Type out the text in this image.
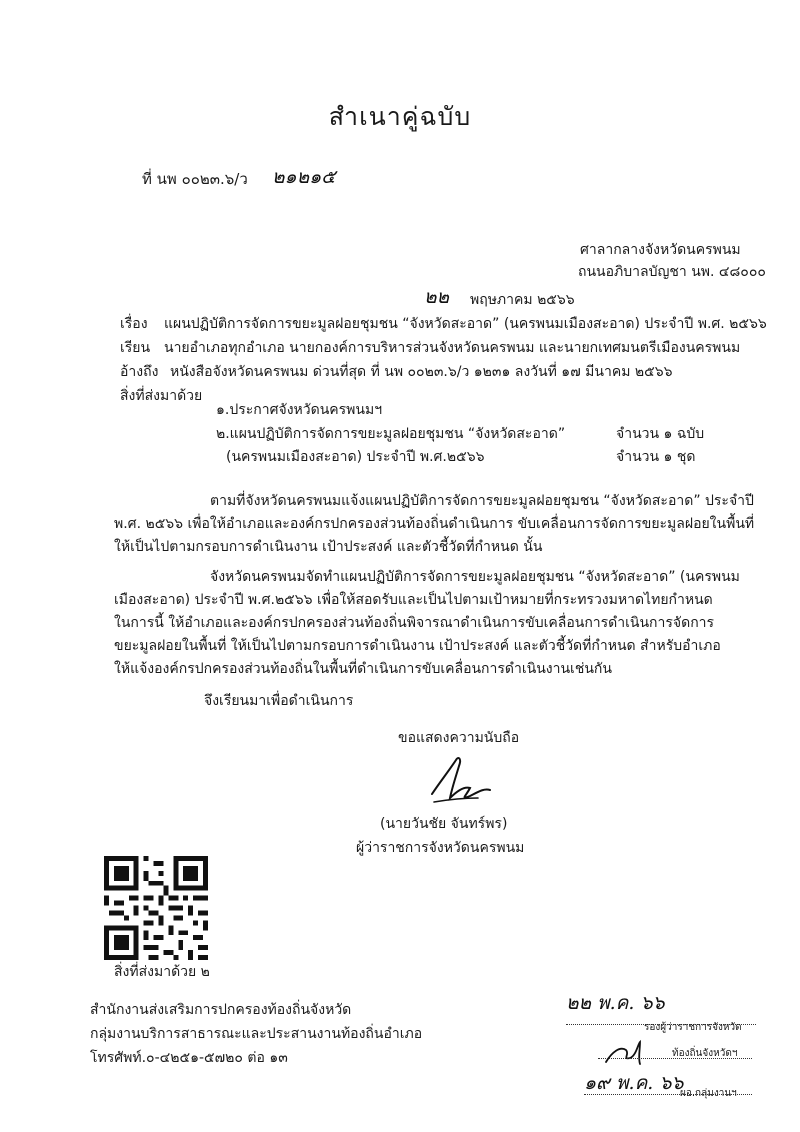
สำเนาคู่ฉบับ
ที่ นพ ๐๐๒๓.๖/ว ๒๑๒๑๕
ศาลากลางจังหวัดนครพนม
ถนนอภิบาลบัญชา นพ. ๔๘๐๐๐
๒๒ พฤษภาคม ๒๕๖๖
เรื่อง แผนปฏิบัติการจัดการขยะมูลฝอยชุมชน “จังหวัดสะอาด” (นครพนมเมืองสะอาด) ประจำปี พ.ศ. ๒๕๖๖
เรียน นายอำเภอทุกอำเภอ นายกองค์การบริหารส่วนจังหวัดนครพนม และนายกเทศมนตรีเมืองนครพนม
อ้างถึง หนังสือจังหวัดนครพนม ด่วนที่สุด ที่ นพ ๐๐๒๓.๖/ว ๑๒๓๑ ลงวันที่ ๑๗ มีนาคม ๒๕๖๖
สิ่งที่ส่งมาด้วย
๑.ประกาศจังหวัดนครพนมฯ
๒.แผนปฏิบัติการจัดการขยะมูลฝอยชุมชน “จังหวัดสะอาด”
(นครพนมเมืองสะอาด) ประจำปี พ.ศ.๒๕๖๖
จำนวน ๑ ฉบับ
จำนวน ๑ ชุด
ตามที่จังหวัดนครพนมแจ้งแผนปฏิบัติการจัดการขยะมูลฝอยชุมชน “จังหวัดสะอาด” ประจำปี
พ.ศ. ๒๕๖๖ เพื่อให้อำเภอและองค์กรปกครองส่วนท้องถิ่นดำเนินการ ขับเคลื่อนการจัดการขยะมูลฝอยในพื้นที่
ให้เป็นไปตามกรอบการดำเนินงาน เป้าประสงค์ และตัวชี้วัดที่กำหนด นั้น
จังหวัดนครพนมจัดทำแผนปฏิบัติการจัดการขยะมูลฝอยชุมชน “จังหวัดสะอาด” (นครพนม
เมืองสะอาด) ประจำปี พ.ศ.๒๕๖๖ เพื่อให้สอดรับและเป็นไปตามเป้าหมายที่กระทรวงมหาดไทยกำหนด
ในการนี้ ให้อำเภอและองค์กรปกครองส่วนท้องถิ่นพิจารณาดำเนินการขับเคลื่อนการดำเนินการจัดการ
ขยะมูลฝอยในพื้นที่ ให้เป็นไปตามกรอบการดำเนินงาน เป้าประสงค์ และตัวชี้วัดที่กำหนด สำหรับอำเภอ
ให้แจ้งองค์กรปกครองส่วนท้องถิ่นในพื้นที่ดำเนินการขับเคลื่อนการดำเนินงานเช่นกัน
จึงเรียนมาเพื่อดำเนินการ
ขอแสดงความนับถือ
(นายวันชัย จันทร์พร)
ผู้ว่าราชการจังหวัดนครพนม
สิ่งที่ส่งมาด้วย ๒
สำนักงานส่งเสริมการปกครองท้องถิ่นจังหวัด
กลุ่มงานบริการสาธารณะและประสานงานท้องถิ่นอำเภอ
โทรศัพท์.๐-๔๒๕๑-๕๗๒๐ ต่อ ๑๓
๒๒ พ.ค. ๖๖
รองผู้ว่าราชการจังหวัด
ท้องถิ่นจังหวัดฯ
๑๙ พ.ค. ๖๖
ผอ.กลุ่มงานฯ
